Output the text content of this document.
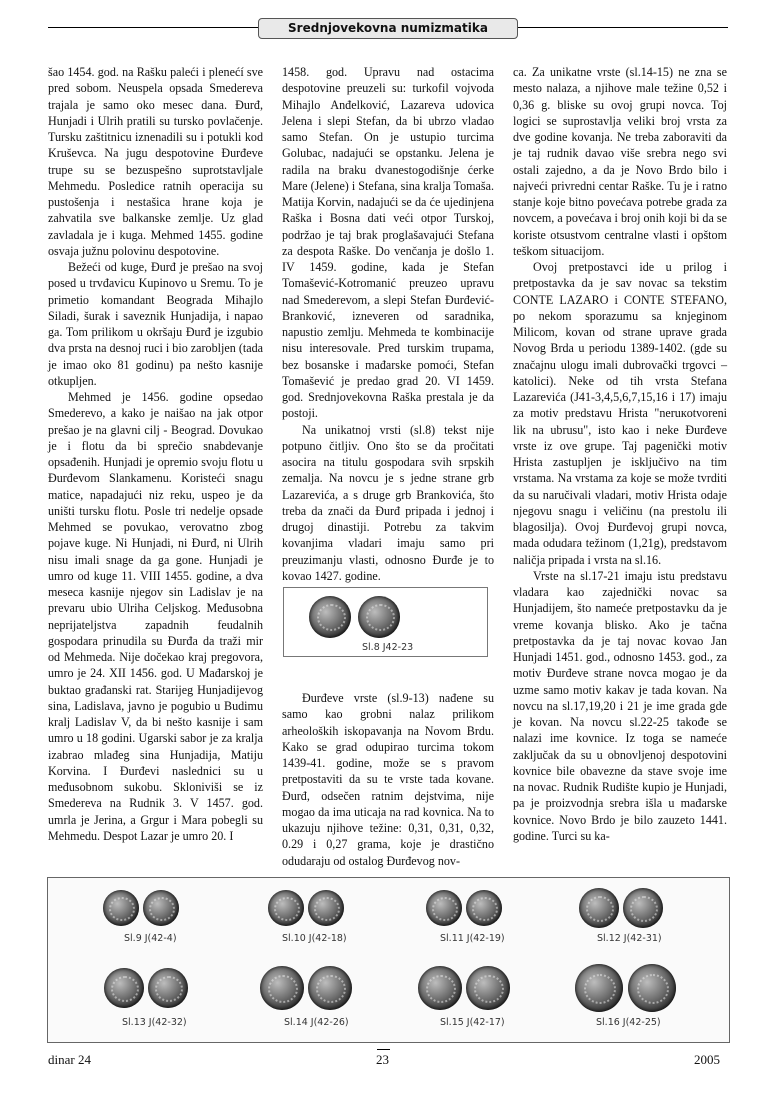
Srednjovekovna numizmatika

šao 1454. god. na Rašku paleći i plenećí sve pred sobom. Neuspela opsada Smedereva trajala je samo oko mesec dana. Đurđ, Hunjadi i Ulrih pratili su tursko povlačenje. Tursku zaštitnicu iznenadili su i potukli kod Kruševca. Na jugu despotovine Đurđeve trupe su se bezuspešno suprotstavljale Mehmedu. Posledice ratnih operacija su pustošenja i nestašica hrane koja je zahvatila sve balkanske zemlje. Uz glad zavladala je i kuga. Mehmed 1455. godine osvaja južnu polovinu despotovine.

Bežeći od kuge, Đurđ je prešao na svoj posed u trvđavicu Kupinovo u Sremu. To je primetio komandant Beograda Mihajlo Siladi, šurak i saveznik Hunjadija, i napao ga. Tom prilikom u okršaju Đurđ je izgubio dva prsta na desnoj ruci i bio zarobljen (tada je imao oko 81 godinu) pa nešto kasnije otkupljen.

Mehmed je 1456. godine opsedao Smederevo, a kako je naišao na jak otpor prešao je na glavni cilj - Beograd. Dovukao je i flotu da bi sprečio snabdevanje opsađenih. Hunjadi je opremio svoju flotu u Đurđevom Slankamenu. Koristeći snagu matice, napadajući niz reku, uspeo je da uništi tursku flotu. Posle tri nedelje opsade Mehmed se povukao, verovatno zbog pojave kuge. Ni Hunjadi, ni Đurđ, ni Ulrih nisu imali snage da ga gone. Hunjadi je umro od kuge 11. VIII 1455. godine, a dva meseca kasnije njegov sin Ladislav je na prevaru ubio Ulriha Celjskog. Međusobna neprijateljstva zapadnih feudalnih gospodara prinudila su Đurđa da traži mir od Mehmeda. Nije dočekao kraj pregovora, umro je 24. XII 1456. god. U Mađarskoj je buktao građanski rat. Starijeg Hunjadijevog sina, Ladislava, javno je pogubio u Budimu kralj Ladislav V, da bi nešto kasnije i sam umro u 18 godini. Ugarski sabor je za kralja izabrao mlađeg sina Hunjadija, Matiju Korvina. I Đurđevi naslednici su u međusobnom sukobu. Skloniviši se iz Smedereva na Rudnik 3. V 1457. god. umrla je Jerina, a Grgur i Mara pobegli su Mehmedu. Despot Lazar je umro 20. I

1458. god. Upravu nad ostacima despotovine preuzeli su: turkofil vojvoda Mihajlo Anđelković, Lazareva udovica Jelena i slepi Stefan, da bi ubrzo vladao samo Stefan. On je ustupio turcima Golubac, nadajući se opstanku. Jelena je radila na braku dvanestogodišnje ćerke Mare (Jelene) i Stefana, sina kralja Tomaša. Matija Korvin, nadajući se da će ujedinjena Raška i Bosna dati veći otpor Turskoj, podržao je taj brak proglašavajući Stefana za despota Raške. Do venčanja je došlo 1. IV 1459. godine, kada je Stefan Tomašević-Kotromanić preuzeo upravu nad Smederevom, a slepi Stefan Đurđević-Branković, izneveren od saradnika, napustio zemlju. Mehmeda te kombinacije nisu interesovale. Pred turskim trupama, bez bosanske i mađarske pomoći, Stefan Tomašević je predao grad 20. VI 1459. god. Srednjovekovna Raška prestala je da postoji.

Na unikatnoj vrsti (sl.8) tekst nije potpuno čitljiv. Ono što se da pročitati asocira na titulu gospodara svih srpskih zemalja. Na novcu je s jedne strane grb Lazarevića, a s druge grb Brankovića, što treba da znači da Đurđ pripada i jednoj i drugoj dinastiji. Potrebu za takvim kovanjima vladari imaju samo pri preuzimanju vlasti, odnosno Đurđe je to kovao 1427. godine.

Sl.8 J42-23

Đurđeve vrste (sl.9-13) nađene su samo kao grobni nalaz prilikom arheoloških iskopavanja na Novom Brdu. Kako se grad odupirao turcima tokom 1439-41. godine, može se s pravom pretpostaviti da su te vrste tada kovane. Đurđ, odsečen ratnim dejstvima, nije mogao da ima uticaja na rad kovnica. Na to ukazuju njihove težine: 0,31, 0,31, 0,32, 0.29 i 0,27 grama, koje je drastično odudaraju od ostalog Đurđevog nov-

ca. Za unikatne vrste (sl.14-15) ne zna se mesto nalaza, a njihove male težine 0,52 i 0,36 g. bliske su ovoj grupi novca. Toj logici se suprostavlja veliki broj vrsta za dve godine kovanja. Ne treba zaboraviti da je taj rudnik davao više srebra nego svi ostali zajedno, a da je Novo Brdo bilo i najveći privredni centar Raške. Tu je i ratno stanje koje bitno povećava potrebe grada za novcem, a povećava i broj onih koji bi da se koriste otsustvom centralne vlasti i opštom teškom situacijom.

Ovoj pretpostavci ide u prilog i pretpostavka da je sav novac sa tekstim CONTE LAZARO i CONTE STEFANO, po nekom sporazumu sa knjeginom Milicom, kovan od strane uprave grada Novog Brda u periodu 1389-1402. (gde su značajnu ulogu imali dubrovački trgovci – katolici). Neke od tih vrsta Stefana Lazarevića (J41-3,4,5,6,7,15,16 i 17) imaju za motiv predstavu Hrista "neruкotvoreni lik na ubrusu", isto kao i neke Đurđeve vrste iz ove grupe. Taj pagenički motiv Hrista zastupljen je isključivo na tim vrstama. Na vrstama za koje se može tvrditi da su naručivali vladari, motiv Hrista odaje njegovu snagu i veličinu (na prestolu ili blagosilja). Ovoj Đurđevoj grupi novca, mada odudara težinom (1,21g), predstavom naličja pripada i vrsta na sl.16.

Vrste na sl.17-21 imaju istu predstavu vladara kao zajednički novac sa Hunjadijem, što nameće pretpostavku da je vreme kovanja blisko. Ako je tačna pretpostavka da je taj novac kovao Jan Hunjadi 1451. god., odnosno 1453. god., za motiv Đurđeve strane novca mogao je da uzme samo motiv kakav je tada kovan. Na novcu na sl.17,19,20 i 21 je ime grada gde je kovan. Na novcu sl.22-25 takođe se nalazi ime kovnice. Iz toga se nameće zaključak da su u obnovljenoj despotovini kovnice bile obavezne da stave svoje ime na novac. Rudnik Rudište kupio je Hunjadi, pa je proizvodnja srebra išla u mađarske kovnice. Novo Brdo je bilo zauzeto 1441. godine. Turci su ka-

Sl.9 J(42-4)	Sl.10 J(42-18)	Sl.11 J(42-19)	Sl.12 J(42-31)
Sl.13 J(42-32)	Sl.14 J(42-26)	Sl.15 J(42-17)	Sl.16 J(42-25)
dinar 24	23	2005
